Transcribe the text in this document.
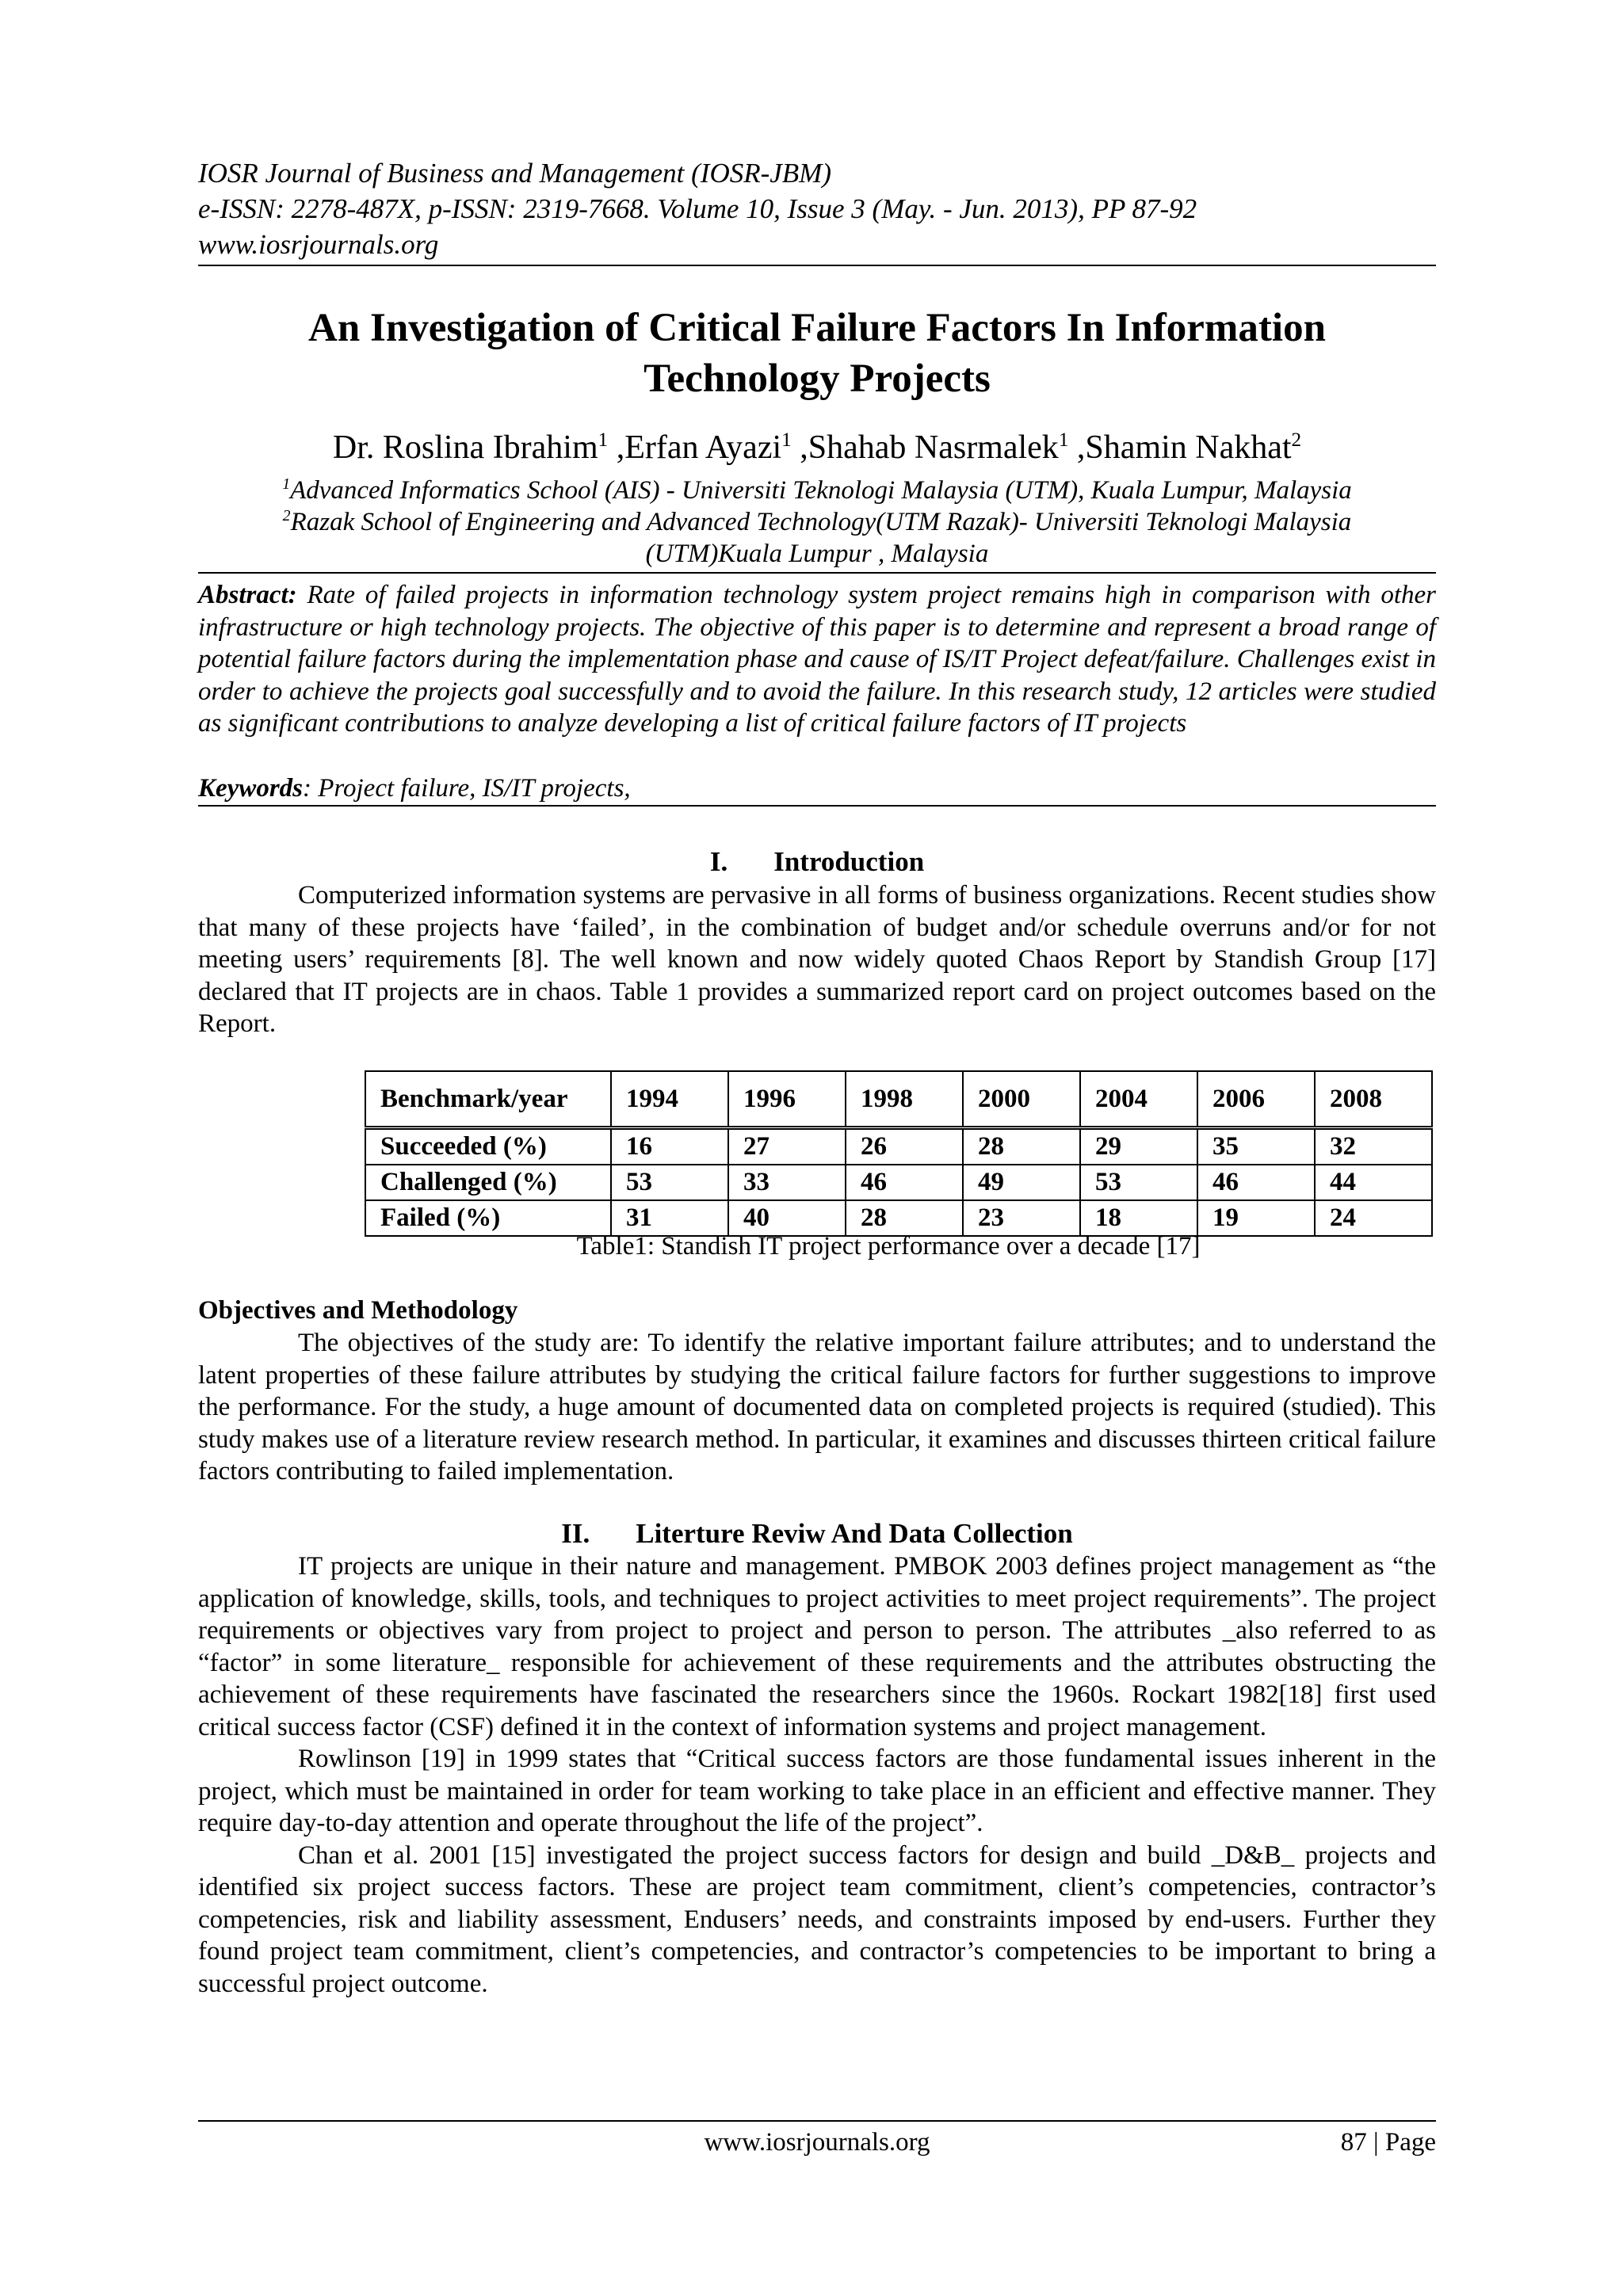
IOSR Journal of Business and Management (IOSR-JBM)
e-ISSN: 2278-487X, p-ISSN: 2319-7668. Volume 10, Issue 3 (May. - Jun. 2013), PP 87-92
www.iosrjournals.org
An Investigation of Critical Failure Factors In Information
Technology Projects
Dr. Roslina Ibrahim$^1$ ,Erfan Ayazi$^1$ ,Shahab Nasrmalek$^1$ ,Shamin Nakhat$^2$
$^1$Advanced Informatics School (AIS) - Universiti Teknologi Malaysia (UTM), Kuala Lumpur, Malaysia
$^2$Razak School of Engineering and Advanced Technology(UTM Razak)- Universiti Teknologi Malaysia
(UTM)Kuala Lumpur , Malaysia
Abstract: Rate of failed projects in information technology system project remains high in comparison with other infrastructure or high technology projects. The objective of this paper is to determine and represent a broad range of potential failure factors during the implementation phase and cause of IS/IT Project defeat/failure. Challenges exist in order to achieve the projects goal successfully and to avoid the failure. In this research study, 12 articles were studied as significant contributions to analyze developing a list of critical failure factors of IT projects
Keywords: Project failure, IS/IT projects,
I. Introduction

Computerized information systems are pervasive in all forms of business organizations. Recent studies show that many of these projects have ‘failed’, in the combination of budget and/or schedule overruns and/or for not meeting users’ requirements [8]. The well known and now widely quoted Chaos Report by Standish Group [17] declared that IT projects are in chaos. Table 1 provides a summarized report card on project outcomes based on the Report.

Benchmark/year	1994	1996	1998	2000	2004	2006	2008
Succeeded (%)	16	27	26	28	29	35	32
Challenged (%)	53	33	46	49	53	46	44
Failed (%)	31	40	28	23	18	19	24
Table1: Standish IT project performance over a decade [17]
Objectives and Methodology

The objectives of the study are: To identify the relative important failure attributes; and to understand the latent properties of these failure attributes by studying the critical failure factors for further suggestions to improve the performance. For the study, a huge amount of documented data on completed projects is required (studied). This study makes use of a literature review research method. In particular, it examines and discusses thirteen critical failure factors contributing to failed implementation.

II. Literture Reviw And Data Collection

IT projects are unique in their nature and management. PMBOK 2003 defines project management as “the application of knowledge, skills, tools, and techniques to project activities to meet project requirements”. The project requirements or objectives vary from project to project and person to person. The attributes _also referred to as “factor” in some literature_ responsible for achievement of these requirements and the attributes obstructing the achievement of these requirements have fascinated the researchers since the 1960s. Rockart 1982[18] first used critical success factor (CSF) defined it in the context of information systems and project management.

Rowlinson [19] in 1999 states that “Critical success factors are those fundamental issues inherent in the project, which must be maintained in order for team working to take place in an efficient and effective manner. They require day-to-day attention and operate throughout the life of the project”.

Chan et al. 2001 [15] investigated the project success factors for design and build _D&B_ projects and identified six project success factors. These are project team commitment, client’s competencies, contractor’s competencies, risk and liability assessment, Endusers’ needs, and constraints imposed by end-users. Further they found project team commitment, client’s competencies, and contractor’s competencies to be important to bring a successful project outcome.

www.iosrjournals.org	87 | Page
